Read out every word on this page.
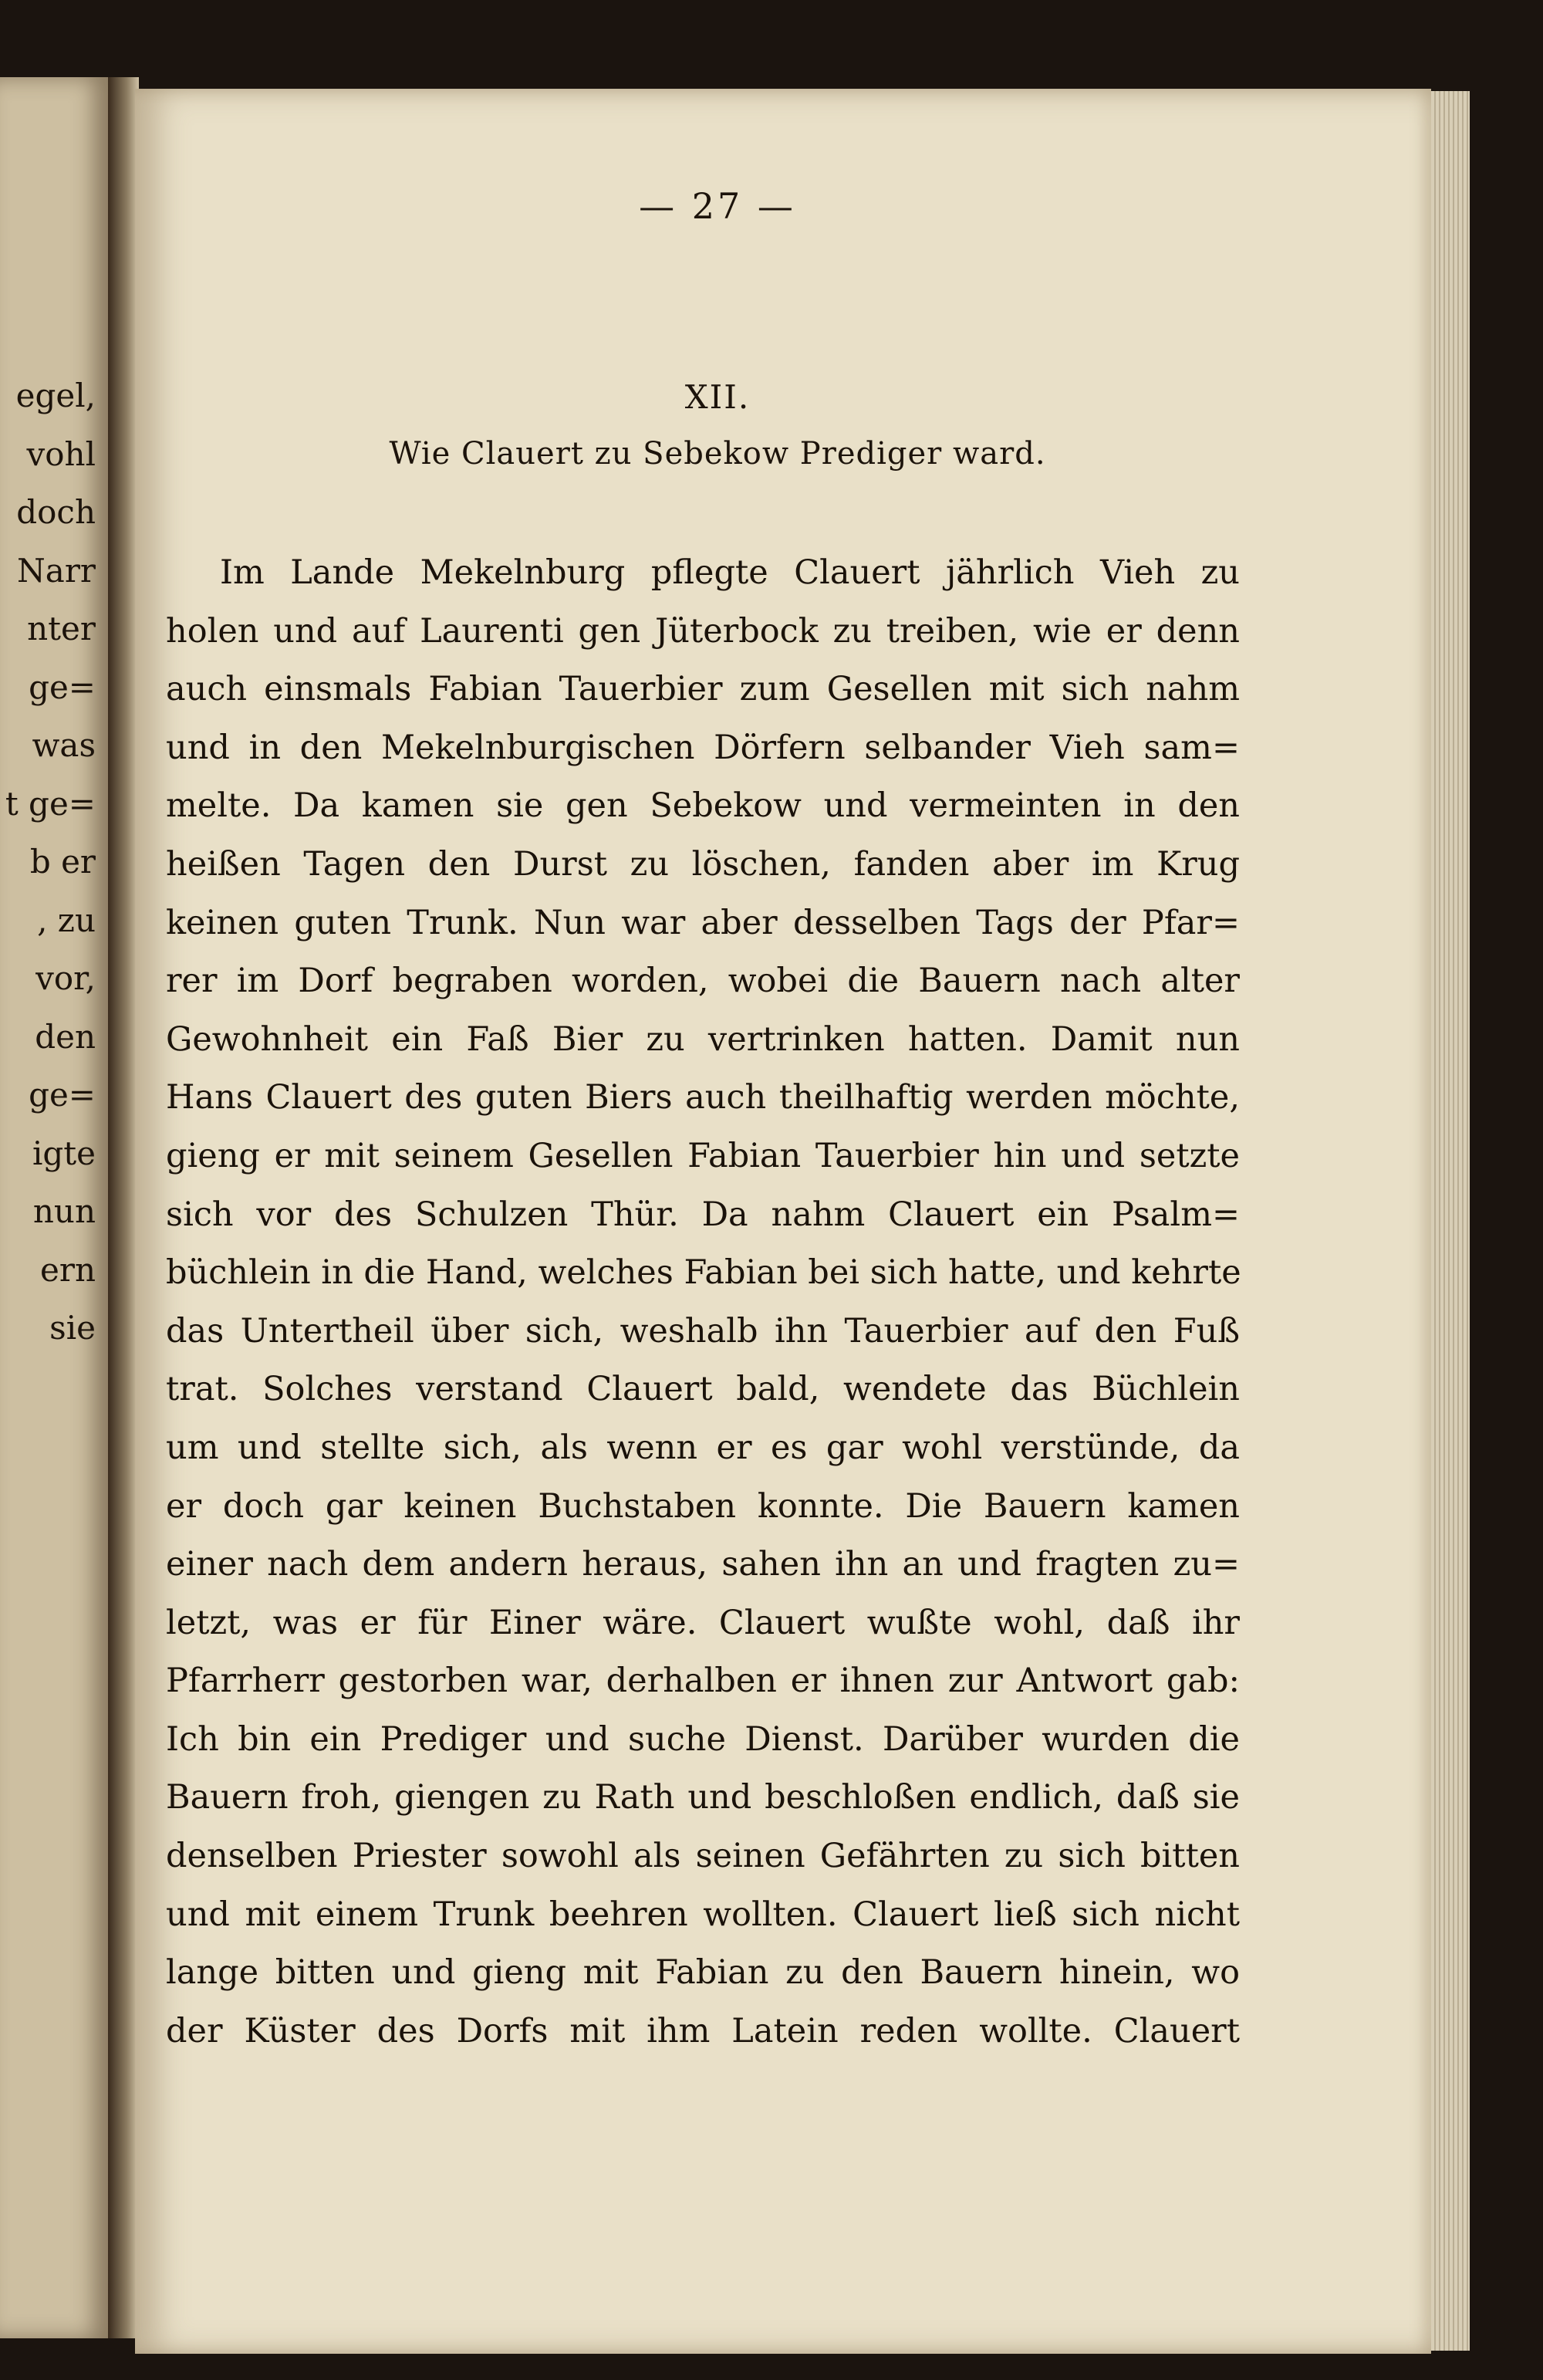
egel,
vohl
doch
Narr
nter
ge=
was
t ge=
b er
, zu
vor,
den
ge=
igte
nun
ern
sie
— 27 —
XII.
Wie Clauert zu Sebekow Prediger ward.
Im Lande Mekelnburg pflegte Clauert jährlich Vieh zu
holen und auf Laurenti gen Jüterbock zu treiben, wie er denn
auch einsmals Fabian Tauerbier zum Gesellen mit sich nahm
und in den Mekelnburgischen Dörfern selbander Vieh sam=
melte. Da kamen sie gen Sebekow und vermeinten in den
heißen Tagen den Durst zu löschen, fanden aber im Krug
keinen guten Trunk. Nun war aber desselben Tags der Pfar=
rer im Dorf begraben worden, wobei die Bauern nach alter
Gewohnheit ein Faß Bier zu vertrinken hatten. Damit nun
Hans Clauert des guten Biers auch theilhaftig werden möchte,
gieng er mit seinem Gesellen Fabian Tauerbier hin und setzte
sich vor des Schulzen Thür. Da nahm Clauert ein Psalm=
büchlein in die Hand, welches Fabian bei sich hatte, und kehrte
das Untertheil über sich, weshalb ihn Tauerbier auf den Fuß
trat. Solches verstand Clauert bald, wendete das Büchlein
um und stellte sich, als wenn er es gar wohl verstünde, da
er doch gar keinen Buchstaben konnte. Die Bauern kamen
einer nach dem andern heraus, sahen ihn an und fragten zu=
letzt, was er für Einer wäre. Clauert wußte wohl, daß ihr
Pfarrherr gestorben war, derhalben er ihnen zur Antwort gab:
Ich bin ein Prediger und suche Dienst. Darüber wurden die
Bauern froh, giengen zu Rath und beschloßen endlich, daß sie
denselben Priester sowohl als seinen Gefährten zu sich bitten
und mit einem Trunk beehren wollten. Clauert ließ sich nicht
lange bitten und gieng mit Fabian zu den Bauern hinein, wo
der Küster des Dorfs mit ihm Latein reden wollte. Clauert
